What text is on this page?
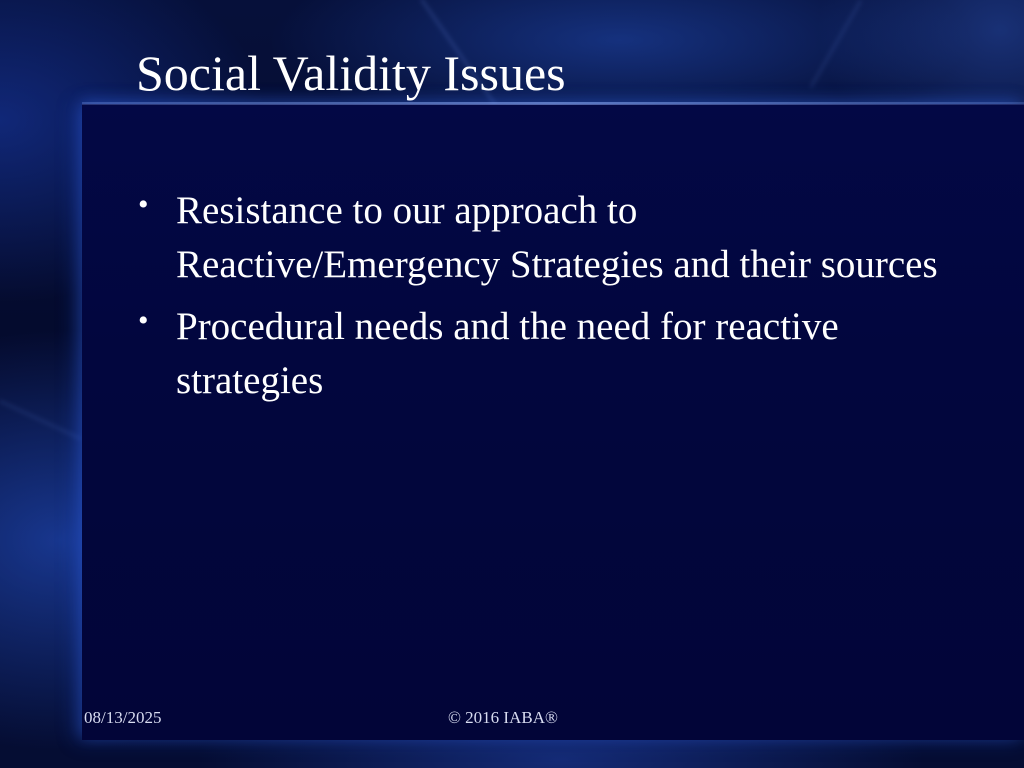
Social Validity Issues
• Resistance to our approach to Reactive/Emergency Strategies and their sources
• Procedural needs and the need for reactive strategies
08/13/2025	© 2016 IABA®
